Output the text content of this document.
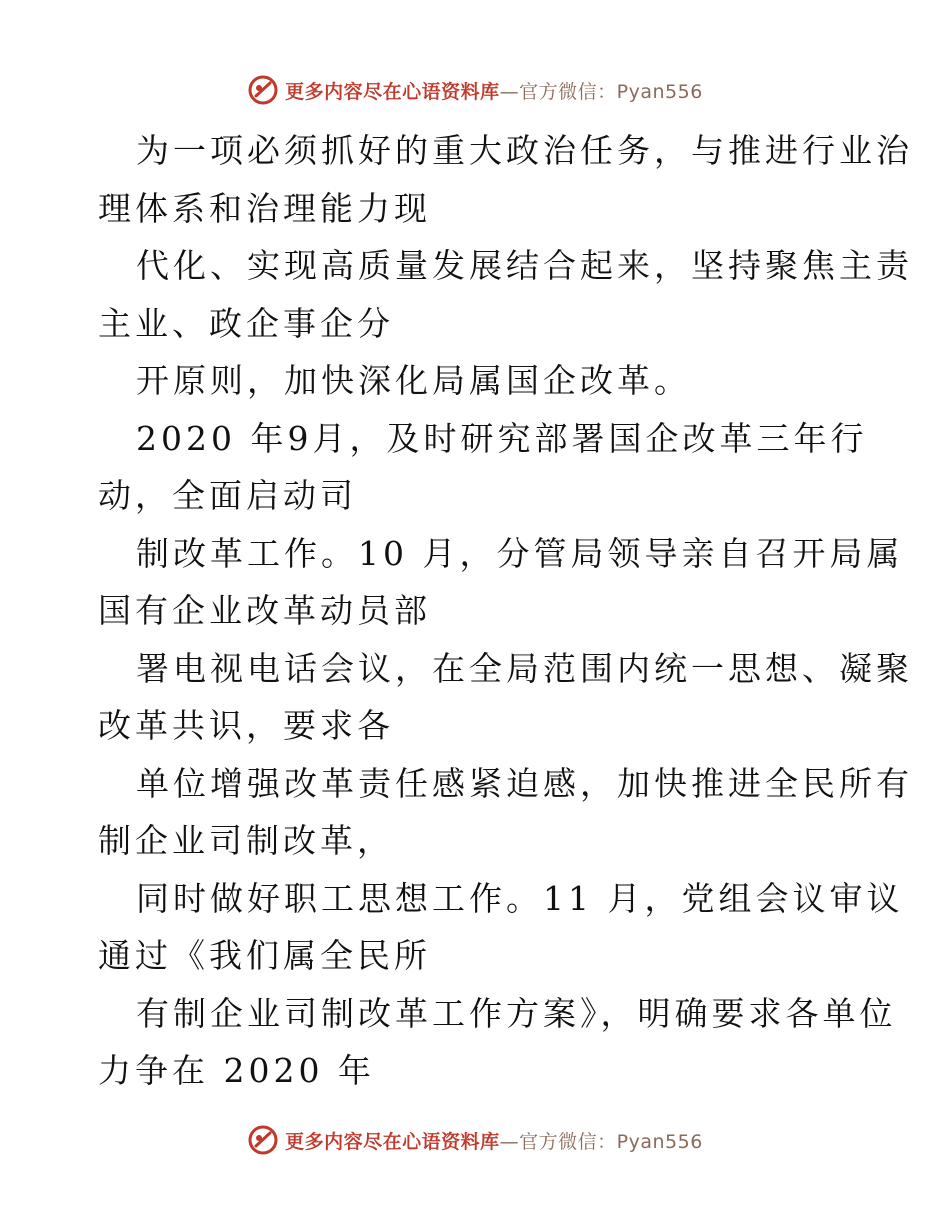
更多内容尽在心语资料库—官方微信：Pyan556
为一项必须抓好的重大政治任务，与推进行业治
理体系和治理能力现
代化、实现高质量发展结合起来，坚持聚焦主责
主业、政企事企分
开原则，加快深化局属国企改革。
2020 年9月，及时研究部署国企改革三年行
动，全面启动司
制改革工作。10 月，分管局领导亲自召开局属
国有企业改革动员部
署电视电话会议，在全局范围内统一思想、凝聚
改革共识，要求各
单位增强改革责任感紧迫感，加快推进全民所有
制企业司制改革，
同时做好职工思想工作。11 月，党组会议审议
通过《我们属全民所
有制企业司制改革工作方案》，明确要求各单位
力争在 2020 年
更多内容尽在心语资料库—官方微信：Pyan556
